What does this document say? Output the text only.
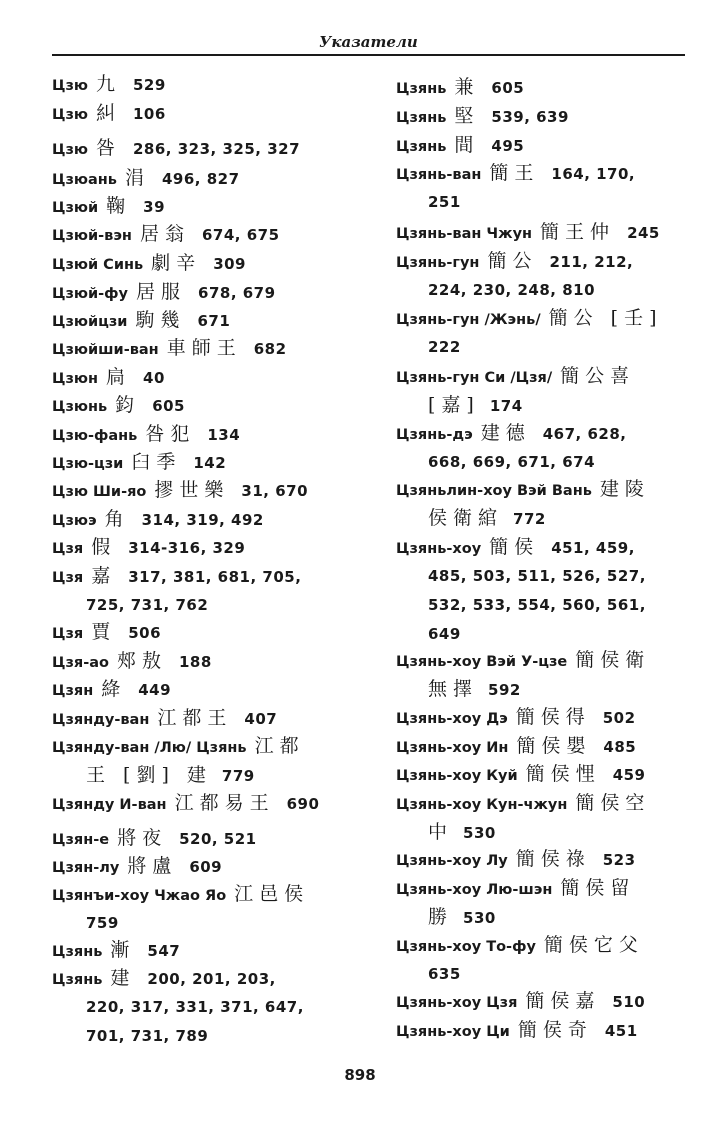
Указатели
Цзю 九 529
Цзю 糾 106
Цзю 咎 286, 323, 325, 327
Цзюань 涓 496, 827
Цзюй 鞠 39
Цзюй-вэн 居翁 674, 675
Цзюй Синь 劇辛 309
Цзюй-фу 居服 678, 679
Цзюйцзи 駒幾 671
Цзюйши-ван 車師王 682
Цзюн 扃 40
Цзюнь 鈞 605
Цзю-фань 咎犯 134
Цзю-цзи 臼季 142
Цзю Ши-яо 摎世樂 31, 670
Цзюэ 角 314, 319, 492
Цзя 假 314-316, 329
Цзя 嘉 317, 381, 681, 705,
725, 731, 762
Цзя 賈 506
Цзя-ао 郟敖 188
Цзян 絳 449
Цзянду-ван 江都王 407
Цзянду-ван /Лю/ Цзянь 江都
王 [劉] 建 779
Цзянду И-ван 江都易王 690
Цзян-е 將夜 520, 521
Цзян-лу 將盧 609
Цзянъи-хоу Чжао Яо 江邑侯
759
Цзянь 漸 547
Цзянь 建 200, 201, 203,
220, 317, 331, 371, 647,
701, 731, 789
Цзянь 兼 605
Цзянь 堅 539, 639
Цзянь 間 495
Цзянь-ван 簡王 164, 170,
251
Цзянь-ван Чжун 簡王仲 245
Цзянь-гун 簡公 211, 212,
224, 230, 248, 810
Цзянь-гун /Жэнь/ 簡公 [壬]
222
Цзянь-гун Си /Цзя/ 簡公喜
[嘉] 174
Цзянь-дэ 建德 467, 628,
668, 669, 671, 674
Цзяньлин-хоу Вэй Вань 建陵
侯衛綰 772
Цзянь-хоу 簡侯 451, 459,
485, 503, 511, 526, 527,
532, 533, 554, 560, 561,
649
Цзянь-хоу Вэй У-цзе 簡侯衛
無擇 592
Цзянь-хоу Дэ 簡侯得 502
Цзянь-хоу Ин 簡侯嬰 485
Цзянь-хоу Куй 簡侯悝 459
Цзянь-хоу Кун-чжун 簡侯空
中 530
Цзянь-хоу Лу 簡侯祿 523
Цзянь-хоу Лю-шэн 簡侯留
勝 530
Цзянь-хоу То-фу 簡侯它父
635
Цзянь-хоу Цзя 簡侯嘉 510
Цзянь-хоу Ци 簡侯奇 451
898
